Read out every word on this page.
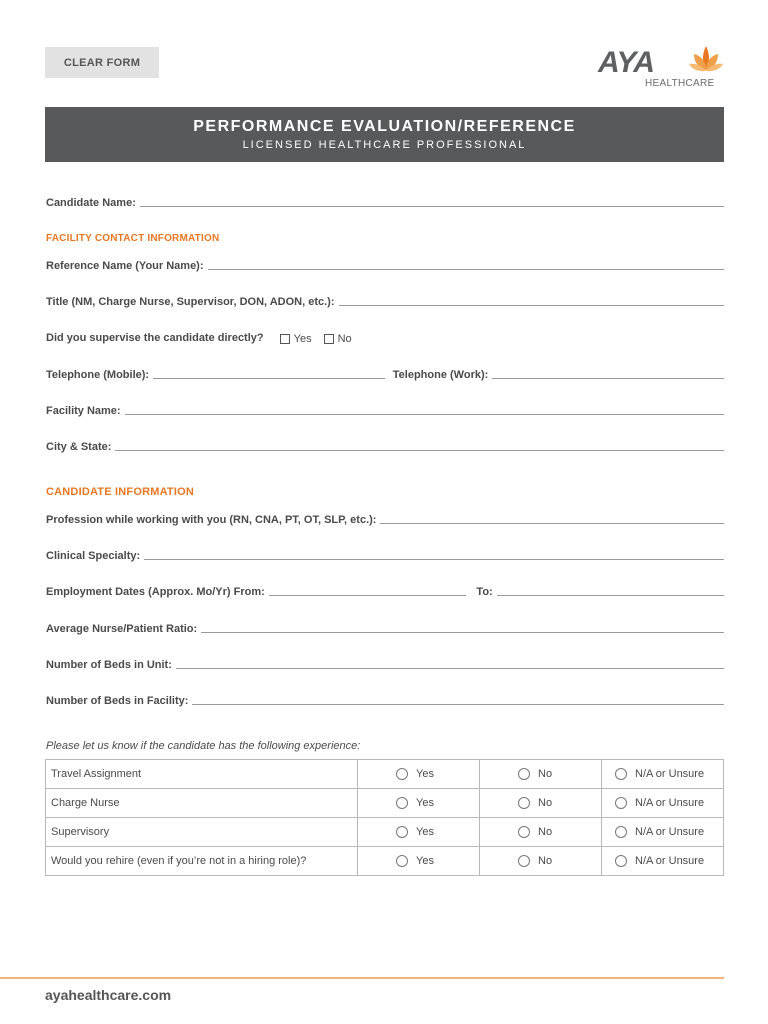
CLEAR FORM	AYA
HEALTHCARE
PERFORMANCE EVALUATION/REFERENCE
LICENSED HEALTHCARE PROFESSIONAL
Candidate Name:
FACILITY CONTACT INFORMATION
Reference Name (Your Name):
Title (NM, Charge Nurse, Supervisor, DON, ADON, etc.):
Did you supervise the candidate directly?	Yes No
Telephone (Mobile):	Telephone (Work):
Facility Name:
City & State:
CANDIDATE INFORMATION
Profession while working with you (RN, CNA, PT, OT, SLP, etc.):
Clinical Specialty:
Employment Dates (Approx. Mo/Yr) From:	To:
Average Nurse/Patient Ratio:
Number of Beds in Unit:
Number of Beds in Facility:
Please let us know if the candidate has the following experience:
Travel Assignment	Yes	No	N/A or Unsure

Charge Nurse	Yes	No	N/A or Unsure

Supervisory	Yes	No	N/A or Unsure

Would you rehire (even if you’re not in a hiring role)?	Yes	No	N/A or Unsure
ayahealthcare.com
